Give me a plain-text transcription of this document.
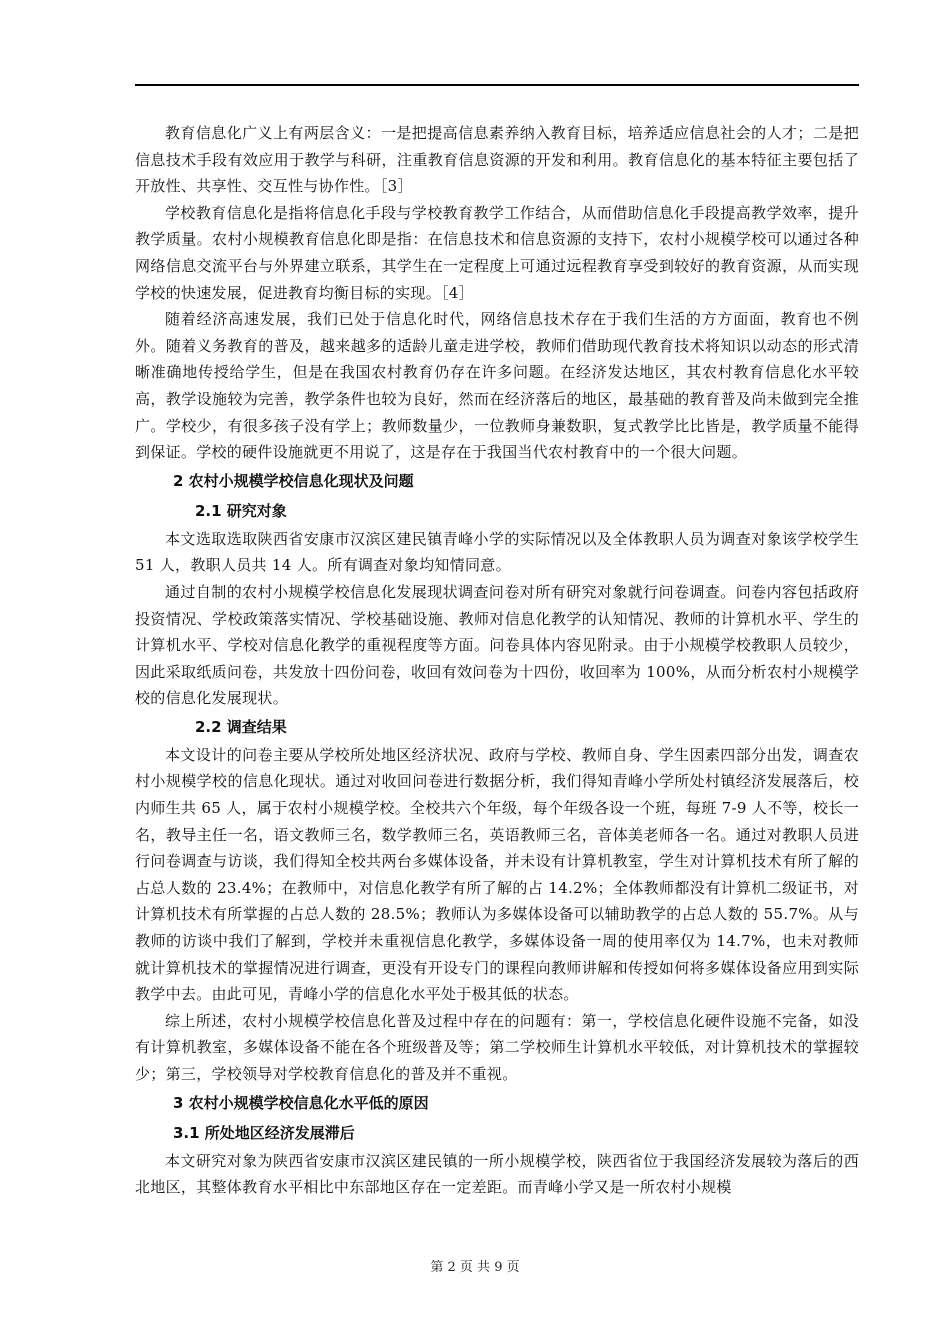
教育信息化广义上有两层含义：一是把提高信息素养纳入教育目标，培养适应信息社会的人才；二是把信息技术手段有效应用于教学与科研，注重教育信息资源的开发和利用。教育信息化的基本特征主要包括了开放性、共享性、交互性与协作性。［3］

学校教育信息化是指将信息化手段与学校教育教学工作结合，从而借助信息化手段提高教学效率，提升教学质量。农村小规模教育信息化即是指：在信息技术和信息资源的支持下，农村小规模学校可以通过各种网络信息交流平台与外界建立联系，其学生在一定程度上可通过远程教育享受到较好的教育资源，从而实现学校的快速发展，促进教育均衡目标的实现。［4］

随着经济高速发展，我们已处于信息化时代，网络信息技术存在于我们生活的方方面面，教育也不例外。随着义务教育的普及，越来越多的适龄儿童走进学校，教师们借助现代教育技术将知识以动态的形式清晰准确地传授给学生，但是在我国农村教育仍存在许多问题。在经济发达地区，其农村教育信息化水平较高，教学设施较为完善，教学条件也较为良好，然而在经济落后的地区，最基础的教育普及尚未做到完全推广。学校少，有很多孩子没有学上；教师数量少，一位教师身兼数职，复式教学比比皆是，教学质量不能得到保证。学校的硬件设施就更不用说了，这是存在于我国当代农村教育中的一个很大问题。

2 农村小规模学校信息化现状及问题

2.1 研究对象

本文选取选取陕西省安康市汉滨区建民镇青峰小学的实际情况以及全体教职人员为调查对象该学校学生 51 人，教职人员共 14 人。所有调查对象均知情同意。

通过自制的农村小规模学校信息化发展现状调查问卷对所有研究对象就行问卷调查。问卷内容包括政府投资情况、学校政策落实情况、学校基础设施、教师对信息化教学的认知情况、教师的计算机水平、学生的计算机水平、学校对信息化教学的重视程度等方面。问卷具体内容见附录。由于小规模学校教职人员较少，因此采取纸质问卷，共发放十四份问卷，收回有效问卷为十四份，收回率为 100%，从而分析农村小规模学校的信息化发展现状。

2.2 调查结果

本文设计的问卷主要从学校所处地区经济状况、政府与学校、教师自身、学生因素四部分出发，调查农村小规模学校的信息化现状。通过对收回问卷进行数据分析，我们得知青峰小学所处村镇经济发展落后，校内师生共 65 人，属于农村小规模学校。全校共六个年级，每个年级各设一个班，每班 7-9 人不等，校长一名，教导主任一名，语文教师三名，数学教师三名，英语教师三名，音体美老师各一名。通过对教职人员进行问卷调查与访谈，我们得知全校共两台多媒体设备，并未设有计算机教室，学生对计算机技术有所了解的占总人数的 23.4%；在教师中，对信息化教学有所了解的占 14.2%；全体教师都没有计算机二级证书，对计算机技术有所掌握的占总人数的 28.5%；教师认为多媒体设备可以辅助教学的占总人数的 55.7%。从与教师的访谈中我们了解到，学校并未重视信息化教学，多媒体设备一周的使用率仅为 14.7%，也未对教师就计算机技术的掌握情况进行调查，更没有开设专门的课程向教师讲解和传授如何将多媒体设备应用到实际教学中去。由此可见，青峰小学的信息化水平处于极其低的状态。

综上所述，农村小规模学校信息化普及过程中存在的问题有：第一，学校信息化硬件设施不完备，如没有计算机教室，多媒体设备不能在各个班级普及等；第二学校师生计算机水平较低，对计算机技术的掌握较少；第三，学校领导对学校教育信息化的普及并不重视。

3 农村小规模学校信息化水平低的原因

3.1 所处地区经济发展滞后

本文研究对象为陕西省安康市汉滨区建民镇的一所小规模学校，陕西省位于我国经济发展较为落后的西北地区，其整体教育水平相比中东部地区存在一定差距。而青峰小学又是一所农村小规模

第 2 页 共 9 页
